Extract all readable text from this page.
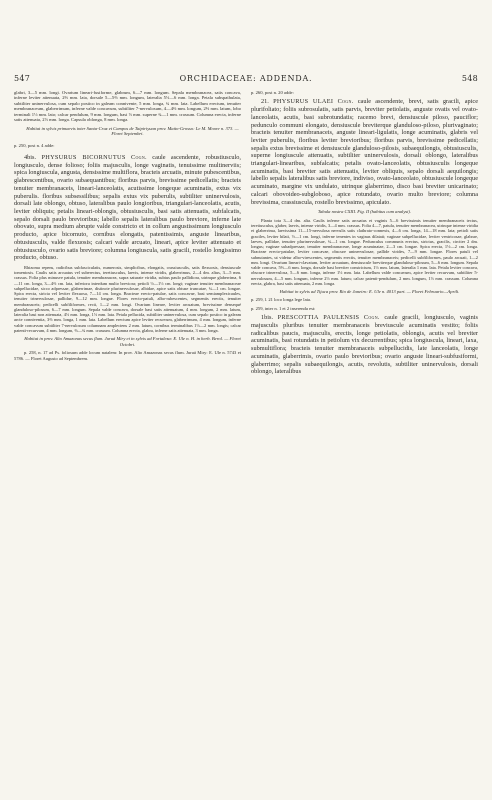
547	ORCHIDACEAE: ADDENDA.	548

glabri, 3—5 mm. longi. Ovarium lineari-fusiforme, glabrum, 6—7 mm. longum. Sepala membranacea, satis concava, inferne leviter attenuata, 2⅔ mm. lata, dorsale 5—5⅔ mm. longum, lateralia 5⅓—6 mm. longa. Petala subspathulata, subtiliter uninervulosa, cum sepalo postico in galeam connivente, 5 mm. longa, ¾ mm. lata. Labellum erectum, tenuiter membranaceum, glaberrimum, inferne valde concavum, subtiliter 7-nervulosum, 4—4⅔ mm. longum, 2⅔ mm. latum, lobo terminali 1⅓ mm. lato; calcar pendulum, 9 mm. longum, basi ⅓ mm. superne ¾—1 mm. crassum. Columna erecta, inferne satis attenuata, 2⅓ mm. longa. Capsula oblonga, 8 mm. longa.

Habitat in sylvis primaevis inter Santa-Cruz et Campos de Taipiriyuan prov. Matto-Grosso: Le M. Moore n. 373. — Floret Septembri.

p. 250, post n. 4 adde:

4bis. PHYSURUS BICORNUTUS Cogn. caule ascendente, robustiusculo, longiusculo, dense folioso; foliis majusculis, longe vaginatis, tenuissime multinerviis; spica longiuscula, angusta, densissime multiflora, bracteis arcuatis, minute pubescentibus, glabrescentibus, ovario subaequantibus; floribus parvis, brevissime pedicellatis; bracteis tenuiter membranaceis, lineari-lanceolatis, acutissime longeque acuminatis, extus vix puberulis. floribus subsessilibus; sepalis extus vix puberulis, subtiliter uninervulosis, dorsali late oblongo, obtuso, lateralibus paulo longioribus, triangulari-lanceolatis, acutis, leviter obliquis; petalis lineari-oblongis, obtusiusculis, basi satis attenuatis, subfalcatis, sepalo dorsali paulo brevioribus; labello sepalis lateralibus paulo breviore, inferne late obovato, supra medium abrupte valde constricto et in collum angustissimum longiusculo producto, apice bicornuto, cornibus elongatis, patentissimis, anguste linearibus, obtusiusculis, valde flexuosis; calcari valde arcuato, lineari, apice leviter attenuato et obtusiusculo, ovario satis breviore; columna longiuscula, satis gracili, rostello longissimo producto, obtuso.

Rhizoma repens, radicibus subfasciculatis, numerosis, simplicibus, elongatis, crassiusculis, satis flexuosis, densiuscule tomentosis. Caulis satis arcuatus vel suberectus, teretiusculus, laevis, intense viridis, glaberrimus, 2—4 dm. altus, 3—5 mm. crassus. Folia plus minusve patula, tenuiter membranacea, supra saturate viridia, subtus paulo pallidiora, utrinque glaberrima, 6—11 cm. longa, 3—4⅔ cm. lata, inferiora interdum multo breviora; petioli ½—1⅓ cm. longi; vaginae tenuiter membranaceae subpellucidae, sicco adpressae, glaberrimae, distincte plurinervulosae, albidae, apice satis obtuse truncatae, ¾—1 cm. longae. Spica erecta, stricta vel leviter flexuosa, 7—14 cm. longa. Bracteae erecto-patulae, satis concavae, basi semiamplexicaules, tenuiter trinervulosae, pallidae, 9—12 mm. longae. Flores erecto-patuli, albo-rubescentes, segmentis erectis, tenuiter membranaceis; pedicelli subfiliformes, recti, 1—2 mm. longi. Ovarium lineare, leviter arcuatum, brevissime densequé glanduloso-pilosum, 6—7 mm. longum. Sepala valde concava, dorsale basi satis attenuatum, 4 mm. longum, 2 mm. latum, lateralia basi non attenuata, 4⅓ mm. longa, 1⅓ mm. lata. Petala pellucida, subtiliter uninervulosa, cum sepalo postico in galeam arcte conniventia, 3⅔ mm. longa, 1 mm. lata. Labellum erectum apice leviter recurvum, glaberrimum, 4 mm. longum, inferne valde concavum subtiliter 7-nervulosum columnam amplectens 2 mm. latum, cornibus terminalibus 1⅓—2 mm. longis; calcar patenti-recurvum, 4 mm. longum, ⅔—¾ mm. crassum. Columna erecta, glabra, inferne satis attenuata, 3 mm. longa.

Habitat in prov. Alto Amazonas secus flum. Juruá Miry et in sylvis ad Fortaleza: E. Ule n. H. in herb. Berol. — Floret Octobri.

p. 258, n. 17 ad Ps. foliosum adde locum natalem: In prov. Alto Amazonas secus flum. Juruá Miry: E. Ule n. 5743 et 5786. — Floret Augusto ad Septembrem.

p. 260, post n. 20 adde:

21. PHYSURUS ULAEI Cogn. caule ascendente, brevi, satis gracili, apice plurifoliato; foliis subrosulatis, satis parvis, breviter petiolatis, anguste ovatis vel ovato-lanceolatis, acutis, basi subrotundatis; racemo brevi, densiuscule piloso, pauciflor; pedunculo communi elongato, densiuscule breviterque glanduloso-piloso, plurivaginato; bracteis tenuiter membranaceis, anguste lineari-ligulatis, longe acuminatis, glabris vel leviter puberulis, floribus leviter brevioribus; floribus parvis, brevissime pedicellatis; sepalis extus brevissime et densiuscule glanduloso-pilosis, subaequilongis, obtusiusculis, superne longiuscule attenuatis, subtiliter uninervulosis, dorsali oblongo, lateralibus triangulari-linearibus, subfalcatis; petalis ovato-lanceolatis, obtusiusculis longeque acuminatis, basi breviter satis attenuatis, leviter obliquis, sepalo dorsali aequilongis; labello sepalis lateralibus satis breviore, indiviso, ovato-lanceolato, obtusiuscule longeque acuminato, margine vix undulato, utrinque glaberrimo, disco basi breviter unicarinato; calcari obovoideo-subgloboso, apice rotundato, ovario multo breviore; columna brevissima, crassiuscula, rostello brevissimo, apiculato.

Tabula nostra CXIII. Fig. II (habitus cum analysi).

Planta tota 3—4 dm. alta. Caulis inferne satis arcuatus et vaginis 5—6 brevissimis tenuiter membranaceis tectus, teretiusculus, glaber, laevis, intense viridis, 3—4 mm. crassus. Folia 4—7, patula, tenuiter membranacea, utrinque intense viridia et glaberrima, laevissima 11—15-nervulosa nervulis satis clathrato-connexis, 4—6 cm. longa, 14—18 mm. lata; petioli satis graciles, leviter hilati, ½—1 cm. longi, inferne tenentes in vaginas dilatati; vaginae subpellucidae, leviter ventricosae, glabrae, laeves, pallidae, tenuiter plurinervulosae, ¾—1 cm. longae. Pedunculus communis erectus, strictus, gracilis, circiter 2 dm. longus; vaginae subadpressae, tenuiter membranaceae, longe acuminatae, 2—3 cm. longae. Spica erecta, 1½—2 cm. longa. Bracteae erecto-patulae, leviter concavae, obscure uninervulosae, pallide virides, 7—9 mm. longae. Flores patuli vel subnutantes, ut videtur albo-virescentes, segmentis erectis, tenuiter membranaceis; pedicelli subfiliformes, paulo arcuati, 1—2 mm. longi. Ovarium lineari-clavatum, leviter arcuatum, densiuscule breviterque glanduloso-pilosum, 5—6 mm. longum. Sepala valde concava, 5⅔—6 mm. longa, dorsale basi breviter constrictum, 1⅓ mm. latum, lateralia 1 mm. lata. Petala leviter concava, obscure trinervulosa, 5—6 mm. longa, inferne 1⅓ mm. lata. Labellum valde concavum, apice leviter recurvum, subtiliter 5-nervulosum, 4—5 mm. longum, inferne 2⅓ mm. latum; calcar patenti-pendulum, 2 mm. longum, 1⅓ mm. crassum. Columna erecta, glabra, basi satis attenuata, 2 mm. longa.

Habitat in sylvis ad Tijuca prov. Rio de Janeiro: E. Ule n. 4013 part. — Floret Februario—Aprili.

p. 259, l. 21 loco longa lege lata.

p. 259, inter n. 1 et 2 inserenda est:

1bis. PRESCOTTIA PAULENSIS Cogn. caule gracili, longiusculo, vaginis majusculis pluribus tenuiter membranaceis breviuscule acuminatis vestito; foliis radicalibus paucis, majusculis, erectis, longe petiolatis, oblongis, acutis vel breviter acuminatis, basi rotundatis in petiolum vix decurrentibus; spica longiuscula, lineari, laxa, submultiflora; bracteis tenuiter membranaceis subpellucidis, late lanceolatis, longe acuminatis, glaberrimis, ovario paulo brevioribus; ovario anguste lineari-subfusiformi, glaberrimo; sepalis subaequilongis, acutis, revolutis, subtiliter uninervulosis, dorsali oblongo, lateralibus
